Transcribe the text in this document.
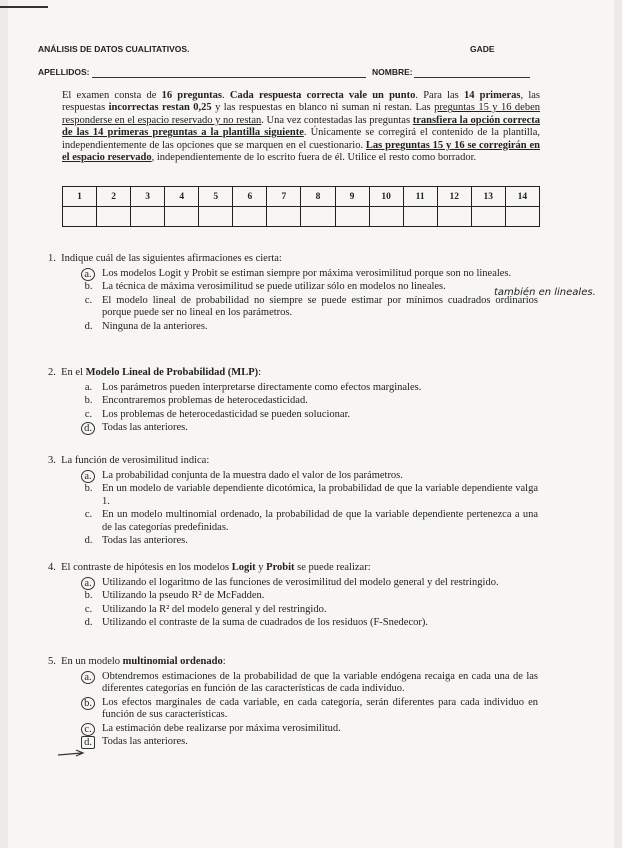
ANÁLISIS DE DATOS CUALITATIVOS.	GADE
APELLIDOS:	NOMBRE:
El examen consta de 16 preguntas. Cada respuesta correcta vale un punto. Para las 14 primeras, las respuestas incorrectas restan 0,25 y las respuestas en blanco ni suman ni restan. Las preguntas 15 y 16 deben responderse en el espacio reservado y no restan. Una vez contestadas las preguntas transfiera la opción correcta de las 14 primeras preguntas a la plantilla siguiente. Únicamente se corregirá el contenido de la plantilla, independientemente de las opciones que se marquen en el cuestionario. Las preguntas 15 y 16 se corregirán en el espacio reservado, independientemente de lo escrito fuera de él. Utilice el resto como borrador.
1	2	3	4	5	6	7	8	9	10	11	12	13	14

1. Indique cuál de las siguientes afirmaciones es cierta:
a. Los modelos Logit y Probit se estiman siempre por máxima verosimilitud porque son no lineales.
b. La técnica de máxima verosimilitud se puede utilizar sólo en modelos no lineales.
c. El modelo lineal de probabilidad no siempre se puede estimar por mínimos cuadrados ordinarios porque puede ser no lineal en los parámetros.
d. Ninguna de la anteriores.
también en lineales.
2. En el Modelo Lineal de Probabilidad (MLP):
a. Los parámetros pueden interpretarse directamente como efectos marginales.
b. Encontraremos problemas de heterocedasticidad.
c. Los problemas de heterocedasticidad se pueden solucionar.
d. Todas las anteriores.
3. La función de verosimilitud indica:
a. La probabilidad conjunta de la muestra dado el valor de los parámetros.
b. En un modelo de variable dependiente dicotómica, la probabilidad de que la variable dependiente valga 1.
c. En un modelo multinomial ordenado, la probabilidad de que la variable dependiente pertenezca a una de las categorías predefinidas.
d. Todas las anteriores.
4. El contraste de hipótesis en los modelos Logit y Probit se puede realizar:
a. Utilizando el logaritmo de las funciones de verosimilitud del modelo general y del restringido.
b. Utilizando la pseudo R² de McFadden.
c. Utilizando la R² del modelo general y del restringido.
d. Utilizando el contraste de la suma de cuadrados de los residuos (F-Snedecor).
5. En un modelo multinomial ordenado:
a. Obtendremos estimaciones de la probabilidad de que la variable endógena recaiga en cada una de las diferentes categorías en función de las características de cada individuo.
b. Los efectos marginales de cada variable, en cada categoría, serán diferentes para cada individuo en función de sus características.
c. La estimación debe realizarse por máxima verosimilitud.
d. Todas las anteriores.
